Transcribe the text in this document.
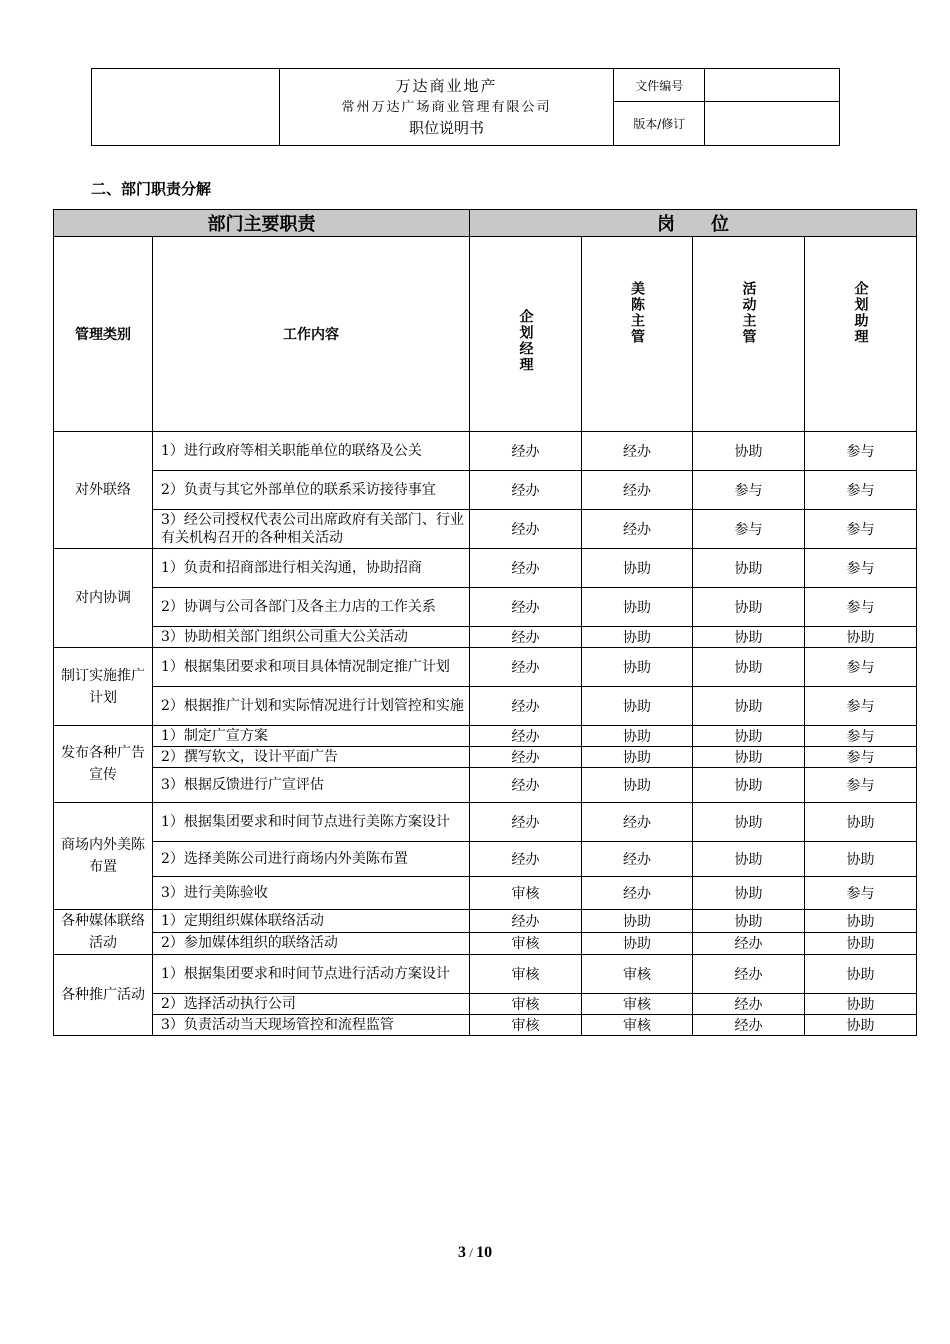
	万达商业地产
常州万达广场商业管理有限公司
职位说明书	文件编号	
		版本/修订	
二、部门职责分解
部门主要职责		岗　　位			
管理类别	工作内容	企划经理	美陈主管	活动主管	企划助理
对外联络	1）进行政府等相关职能单位的联络及公关	经办	经办	协助	参与
	2）负责与其它外部单位的联系采访接待事宜	经办	经办	参与	参与
	3）经公司授权代表公司出席政府有关部门、行业有关机构召开的各种相关活动	经办	经办	参与	参与
对内协调	1）负责和招商部进行相关沟通，协助招商	经办	协助	协助	参与
	2）协调与公司各部门及各主力店的工作关系	经办	协助	协助	参与
	3）协助相关部门组织公司重大公关活动	经办	协助	协助	协助
制订实施推广计划	1）根据集团要求和项目具体情况制定推广计划	经办	协助	协助	参与
	2）根据推广计划和实际情况进行计划管控和实施	经办	协助	协助	参与
发布各种广告宣传	1）制定广宣方案	经办	协助	协助	参与
	2）撰写软文，设计平面广告	经办	协助	协助	参与
	3）根据反馈进行广宣评估	经办	协助	协助	参与
商场内外美陈布置	1）根据集团要求和时间节点进行美陈方案设计	经办	经办	协助	协助
	2）选择美陈公司进行商场内外美陈布置	经办	经办	协助	协助
	3）进行美陈验收	审核	经办	协助	参与
各种媒体联络活动	1）定期组织媒体联络活动	经办	协助	协助	协助
	2）参加媒体组织的联络活动	审核	协助	经办	协助
各种推广活动	1）根据集团要求和时间节点进行活动方案设计	审核	审核	经办	协助
	2）选择活动执行公司	审核	审核	经办	协助
	3）负责活动当天现场管控和流程监管	审核	审核	经办	协助
3 / 10
